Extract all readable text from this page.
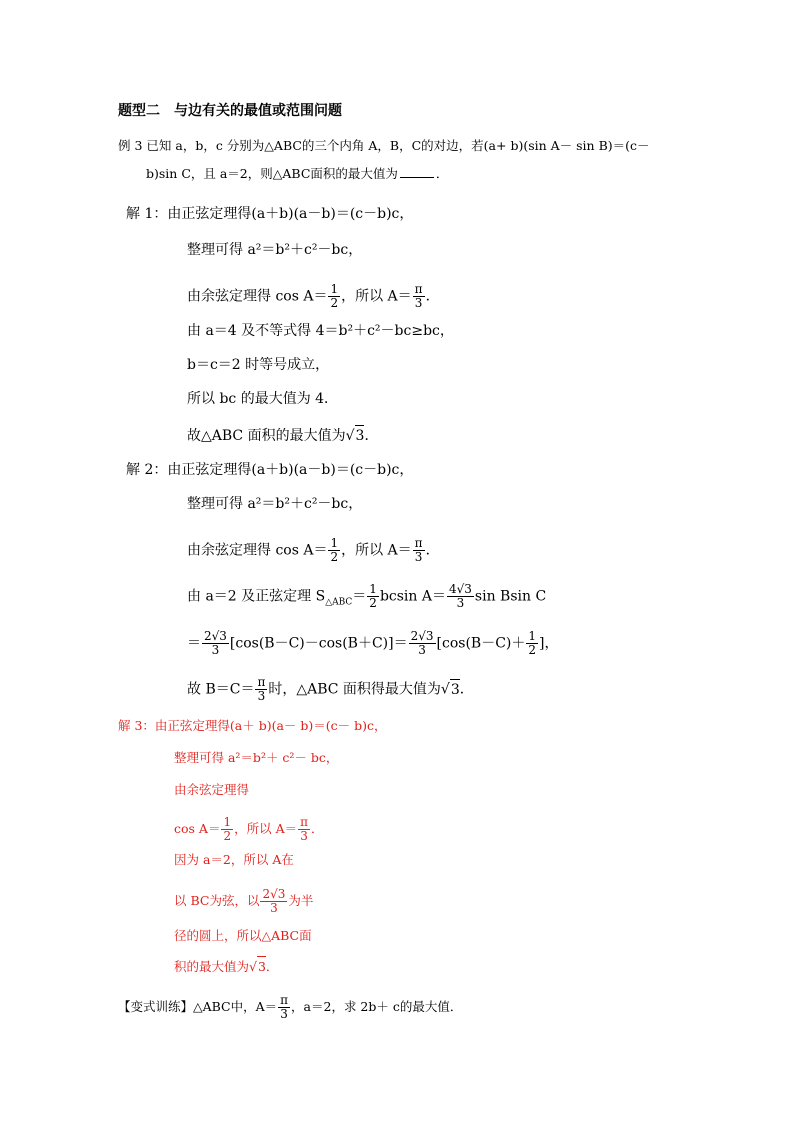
题型二　与边有关的最值或范围问题
例 3 已知 a，b，c 分别为△ABC的三个内角 A，B，C的对边，若(a+ b)(sin A－ sin B)＝(c－
b)sin C，且 a＝2，则△ABC面积的最大值为	．
解 1：由正弦定理得(a＋b)(a－b)＝(c－b)c，
整理可得 a²＝b²＋c²－bc，
由余弦定理得 $\cos A= \frac{1}{2}$ ，所以 $A= \frac{\pi}{3}$ ．
由 a＝4 及不等式得 4＝b²＋c²－bc≥bc，
b＝c＝2 时等号成立，
所以 bc 的最大值为 4．
故△ABC 面积的最大值为√3．
解 2：由正弦定理得(a＋b)(a－b)＝(c－b)c，
整理可得 a²＝b²＋c²－bc，
由余弦定理得 $\cos A= \frac{1}{2}$ ，所以 $A= \frac{\pi}{3}$ ．
由 a＝2 及正弦定理 $S_{\triangle ABC}= \frac{1}{2}$ bcsin $A= \frac{4√3}{3}$ sin Bsin C
＝ $\frac{2√3}{3} [\cos(B-C)-\cos(B+C)]= \frac{2√3}{3} [\cos(B-C)+ \frac{1}{2}$ ]，
故 $B=C= \frac{\pi}{3}$ 时，△ABC 面积得最大值为√3．
解 3：由正弦定理得(a＋ b)(a－ b)＝(c－ b)c，
整理可得 a²＝b²＋ c²－ bc，
由余弦定理得
$\cos A= \frac{1}{2}$ ，所以 $A= \frac{\pi}{3}$ ．
因为 a＝2，所以 A在
以 BC为弦，以 $\frac{2√3}{3}$ 为半
径的圆上，所以△ABC面
积的最大值为√3．
【变式训练】△ABC中，$A= \frac{\pi}{3}$ ，a＝2，求 2b＋ c的最大值．
